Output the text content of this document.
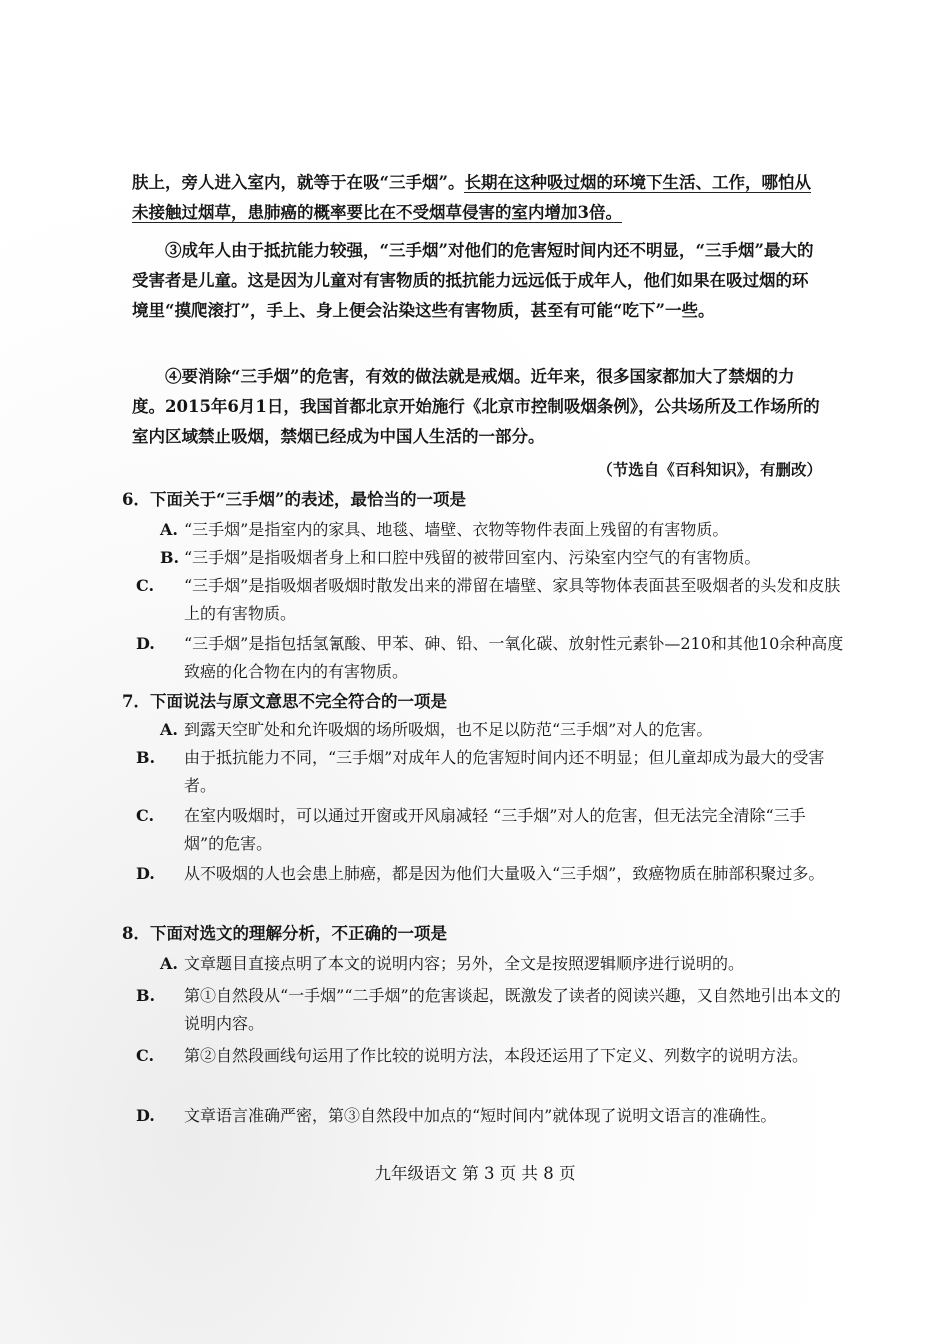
肤上，旁人进入室内，就等于在吸“三手烟”。长期在这种吸过烟的环境下生活、工作，哪怕从未接触过烟草，患肺癌的概率要比在不受烟草侵害的室内增加3倍。
③成年人由于抵抗能力较强，“三手烟”对他们的危害短时间内还不明显，“三手烟”最大的受害者是儿童。这是因为儿童对有害物质的抵抗能力远远低于成年人，他们如果在吸过烟的环境里“摸爬滚打”，手上、身上便会沾染这些有害物质，甚至有可能“吃下”一些。
④要消除“三手烟”的危害，有效的做法就是戒烟。近年来，很多国家都加大了禁烟的力度。2015年6月1日，我国首都北京开始施行《北京市控制吸烟条例》，公共场所及工作场所的室内区域禁止吸烟，禁烟已经成为中国人生活的一部分。
（节选自《百科知识》，有删改）
6．下面关于“三手烟”的表述，最恰当的一项是
A. “三手烟”是指室内的家具、地毯、墙壁、衣物等物件表面上残留的有害物质。
B. “三手烟”是指吸烟者身上和口腔中残留的被带回室内、污染室内空气的有害物质。
C. “三手烟”是指吸烟者吸烟时散发出来的滞留在墙壁、家具等物体表面甚至吸烟者的头发和皮肤上的有害物质。
D. “三手烟”是指包括氢氰酸、甲苯、砷、铅、一氧化碳、放射性元素钋—210和其他10余种高度致癌的化合物在内的有害物质。
7．下面说法与原文意思不完全符合的一项是
A. 到露天空旷处和允许吸烟的场所吸烟，也不足以防范“三手烟”对人的危害。
B. 由于抵抗能力不同，“三手烟”对成年人的危害短时间内还不明显；但儿童却成为最大的受害者。
C. 在室内吸烟时，可以通过开窗或开风扇减轻 “三手烟”对人的危害，但无法完全清除“三手烟”的危害。
D. 从不吸烟的人也会患上肺癌，都是因为他们大量吸入“三手烟”，致癌物质在肺部积聚过多。
8．下面对选文的理解分析，不正确的一项是
A. 文章题目直接点明了本文的说明内容；另外，全文是按照逻辑顺序进行说明的。
B. 第①自然段从“一手烟”“二手烟”的危害谈起，既激发了读者的阅读兴趣，又自然地引出本文的说明内容。
C. 第②自然段画线句运用了作比较的说明方法，本段还运用了下定义、列数字的说明方法。
D. 文章语言准确严密，第③自然段中加点的“短时间内”就体现了说明文语言的准确性。
九年级语文 第 3 页 共 8 页
